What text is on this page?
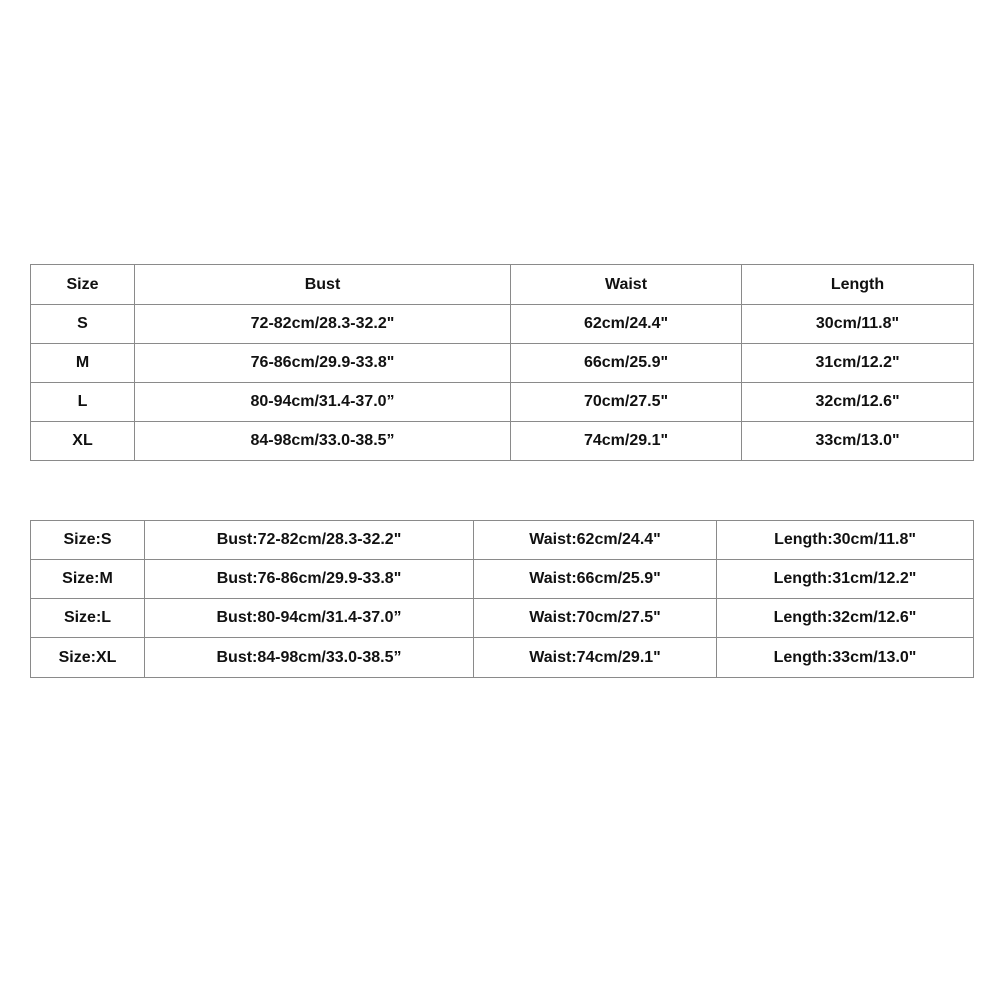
Size	Bust	Waist	Length
S	72-82cm/28.3-32.2"	62cm/24.4"	30cm/11.8"
M	76-86cm/29.9-33.8"	66cm/25.9"	31cm/12.2"
L	80-94cm/31.4-37.0”	70cm/27.5"	32cm/12.6"
XL	84-98cm/33.0-38.5”	74cm/29.1"	33cm/13.0"
Size:S	Bust:72-82cm/28.3-32.2"	Waist:62cm/24.4"	Length:30cm/11.8"
Size:M	Bust:76-86cm/29.9-33.8"	Waist:66cm/25.9"	Length:31cm/12.2"
Size:L	Bust:80-94cm/31.4-37.0”	Waist:70cm/27.5"	Length:32cm/12.6"
Size:XL	Bust:84-98cm/33.0-38.5”	Waist:74cm/29.1"	Length:33cm/13.0"
